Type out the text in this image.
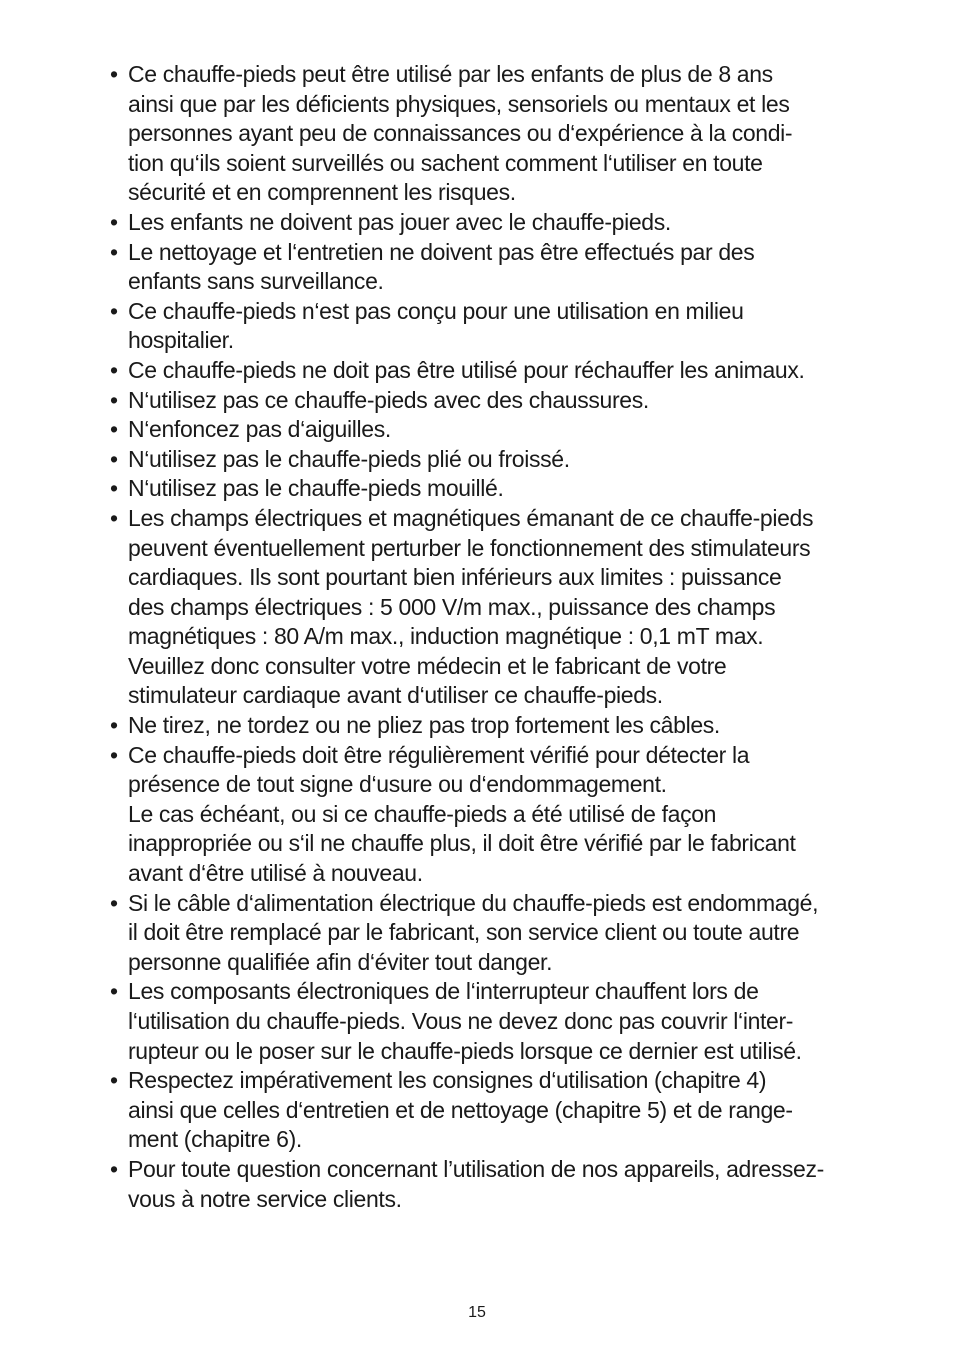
• Ce chauffe-pieds peut être utilisé par les enfants de plus de 8 ans
ainsi que par les déficients physiques, sensoriels ou mentaux et les
personnes ayant peu de connaissances ou d‘expérience à la condi-
tion qu‘ils soient surveillés ou sachent comment l‘utiliser en toute
sécurité et en comprennent les risques.
• Les enfants ne doivent pas jouer avec le chauffe-pieds.
• Le nettoyage et l‘entretien ne doivent pas être effectués par des
enfants sans surveillance.
• Ce chauffe-pieds n‘est pas conçu pour une utilisation en milieu
hospitalier.
• Ce chauffe-pieds ne doit pas être utilisé pour réchauffer les animaux.
• N‘utilisez pas ce chauffe-pieds avec des chaussures.
• N‘enfoncez pas d‘aiguilles.
• N‘utilisez pas le chauffe-pieds plié ou froissé.
• N‘utilisez pas le chauffe-pieds mouillé.
• Les champs électriques et magnétiques émanant de ce chauffe-pieds
peuvent éventuellement perturber le fonctionnement des stimulateurs
cardiaques. Ils sont pourtant bien inférieurs aux limites : puissance
des champs électriques : 5 000 V/m max., puissance des champs
magnétiques : 80 A/m max., induction magnétique : 0,1 mT max.
Veuillez donc consulter votre médecin et le fabricant de votre
stimulateur cardiaque avant d‘utiliser ce chauffe-pieds.
• Ne tirez, ne tordez ou ne pliez pas trop fortement les câbles.
• Ce chauffe-pieds doit être régulièrement vérifié pour détecter la
présence de tout signe d‘usure ou d‘endommagement.
Le cas échéant, ou si ce chauffe-pieds a été utilisé de façon
inappropriée ou s‘il ne chauffe plus, il doit être vérifié par le fabricant
avant d‘être utilisé à nouveau.
• Si le câble d‘alimentation électrique du chauffe-pieds est endommagé,
il doit être remplacé par le fabricant, son service client ou toute autre
personne qualifiée afin d‘éviter tout danger.
• Les composants électroniques de l‘interrupteur chauffent lors de
l‘utilisation du chauffe-pieds. Vous ne devez donc pas couvrir l‘inter-
rupteur ou le poser sur le chauffe-pieds lorsque ce dernier est utilisé.
• Respectez impérativement les consignes d‘utilisation (chapitre 4)
ainsi que celles d‘entretien et de nettoyage (chapitre 5) et de range-
ment (chapitre 6).
• Pour toute question concernant l’utilisation de nos appareils, adressez-
vous à notre service clients.
15
